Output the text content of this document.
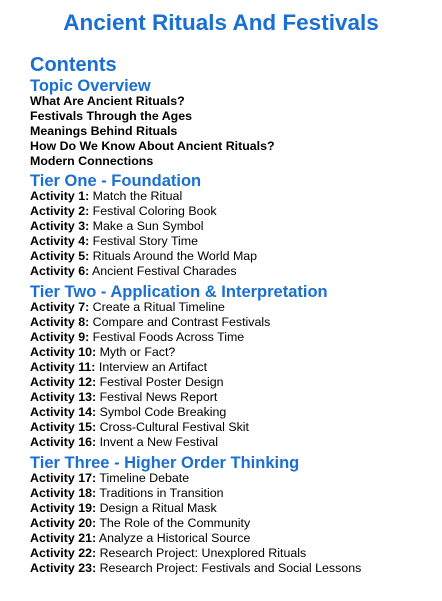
Ancient Rituals And Festivals
Contents
Topic Overview
What Are Ancient Rituals?
Festivals Through the Ages
Meanings Behind Rituals
How Do We Know About Ancient Rituals?
Modern Connections
Tier One - Foundation
Activity 1: Match the Ritual
Activity 2: Festival Coloring Book
Activity 3: Make a Sun Symbol
Activity 4: Festival Story Time
Activity 5: Rituals Around the World Map
Activity 6: Ancient Festival Charades
Tier Two - Application & Interpretation
Activity 7: Create a Ritual Timeline
Activity 8: Compare and Contrast Festivals
Activity 9: Festival Foods Across Time
Activity 10: Myth or Fact?
Activity 11: Interview an Artifact
Activity 12: Festival Poster Design
Activity 13: Festival News Report
Activity 14: Symbol Code Breaking
Activity 15: Cross-Cultural Festival Skit
Activity 16: Invent a New Festival
Tier Three - Higher Order Thinking
Activity 17: Timeline Debate
Activity 18: Traditions in Transition
Activity 19: Design a Ritual Mask
Activity 20: The Role of the Community
Activity 21: Analyze a Historical Source
Activity 22: Research Project: Unexplored Rituals
Activity 23: Research Project: Festivals and Social Lessons
